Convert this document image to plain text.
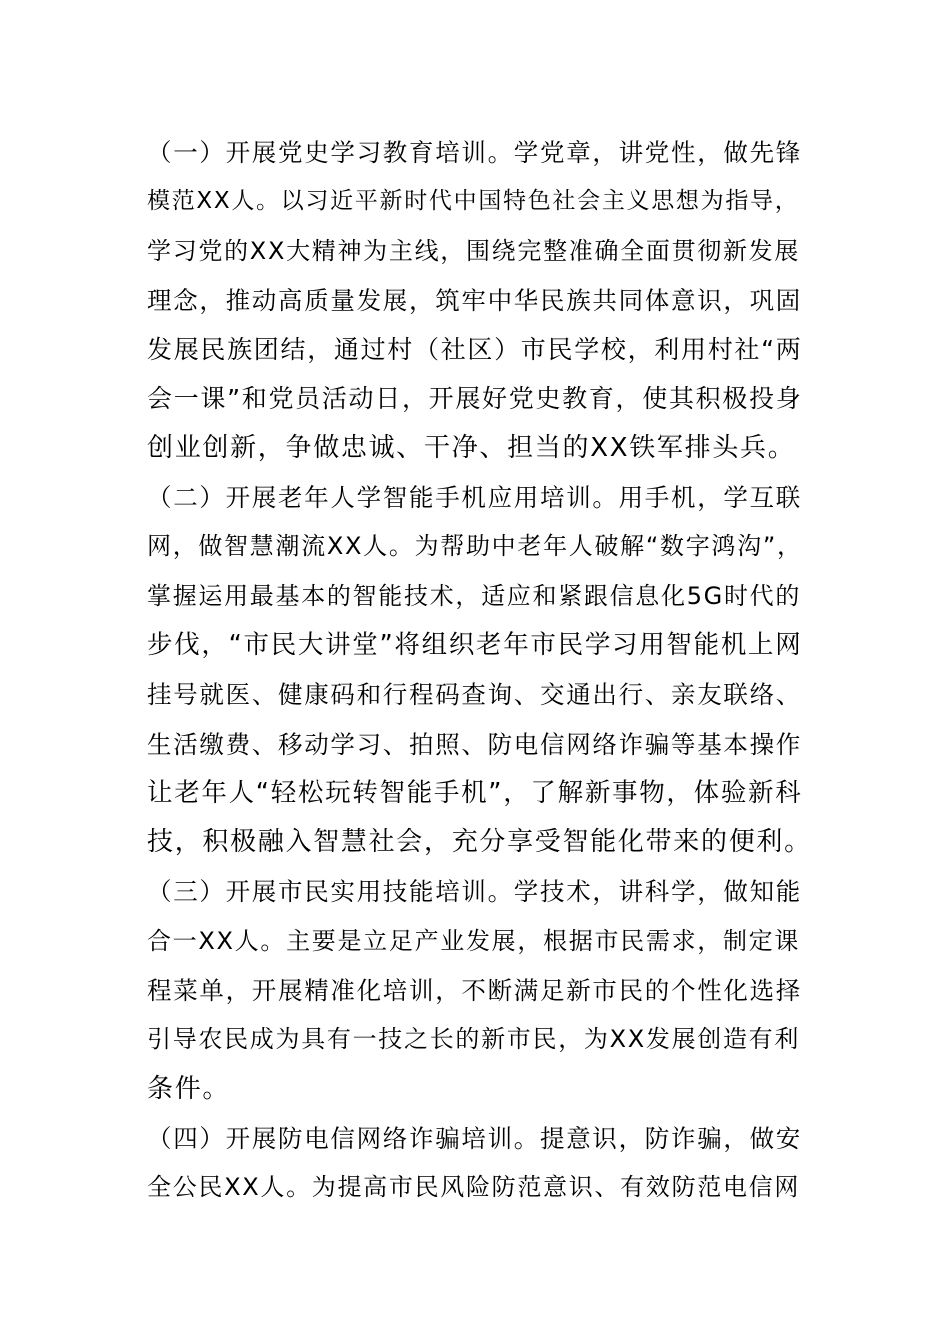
（一）开展党史学习教育培训。学党章，讲党性，做先锋
模范XX人。以习近平新时代中国特色社会主义思想为指导，
学习党的XX大精神为主线，围绕完整准确全面贯彻新发展
理念，推动高质量发展，筑牢中华民族共同体意识，巩固
发展民族团结，通过村（社区）市民学校，利用村社“两
会一课”和党员活动日，开展好党史教育，使其积极投身
创业创新，争做忠诚、干净、担当的XX铁军排头兵。

（二）开展老年人学智能手机应用培训。用手机，学互联
网，做智慧潮流XX人。为帮助中老年人破解“数字鸿沟”，
掌握运用最基本的智能技术，适应和紧跟信息化5G时代的
步伐，“市民大讲堂”将组织老年市民学习用智能机上网
挂号就医、健康码和行程码查询、交通出行、亲友联络、
生活缴费、移动学习、拍照、防电信网络诈骗等基本操作
让老年人“轻松玩转智能手机”，了解新事物，体验新科
技，积极融入智慧社会，充分享受智能化带来的便利。

（三）开展市民实用技能培训。学技术，讲科学，做知能
合一XX人。主要是立足产业发展，根据市民需求，制定课
程菜单，开展精准化培训，不断满足新市民的个性化选择
引导农民成为具有一技之长的新市民，为XX发展创造有利
条件。

（四）开展防电信网络诈骗培训。提意识，防诈骗，做安
全公民XX人。为提高市民风险防范意识、有效防范电信网
